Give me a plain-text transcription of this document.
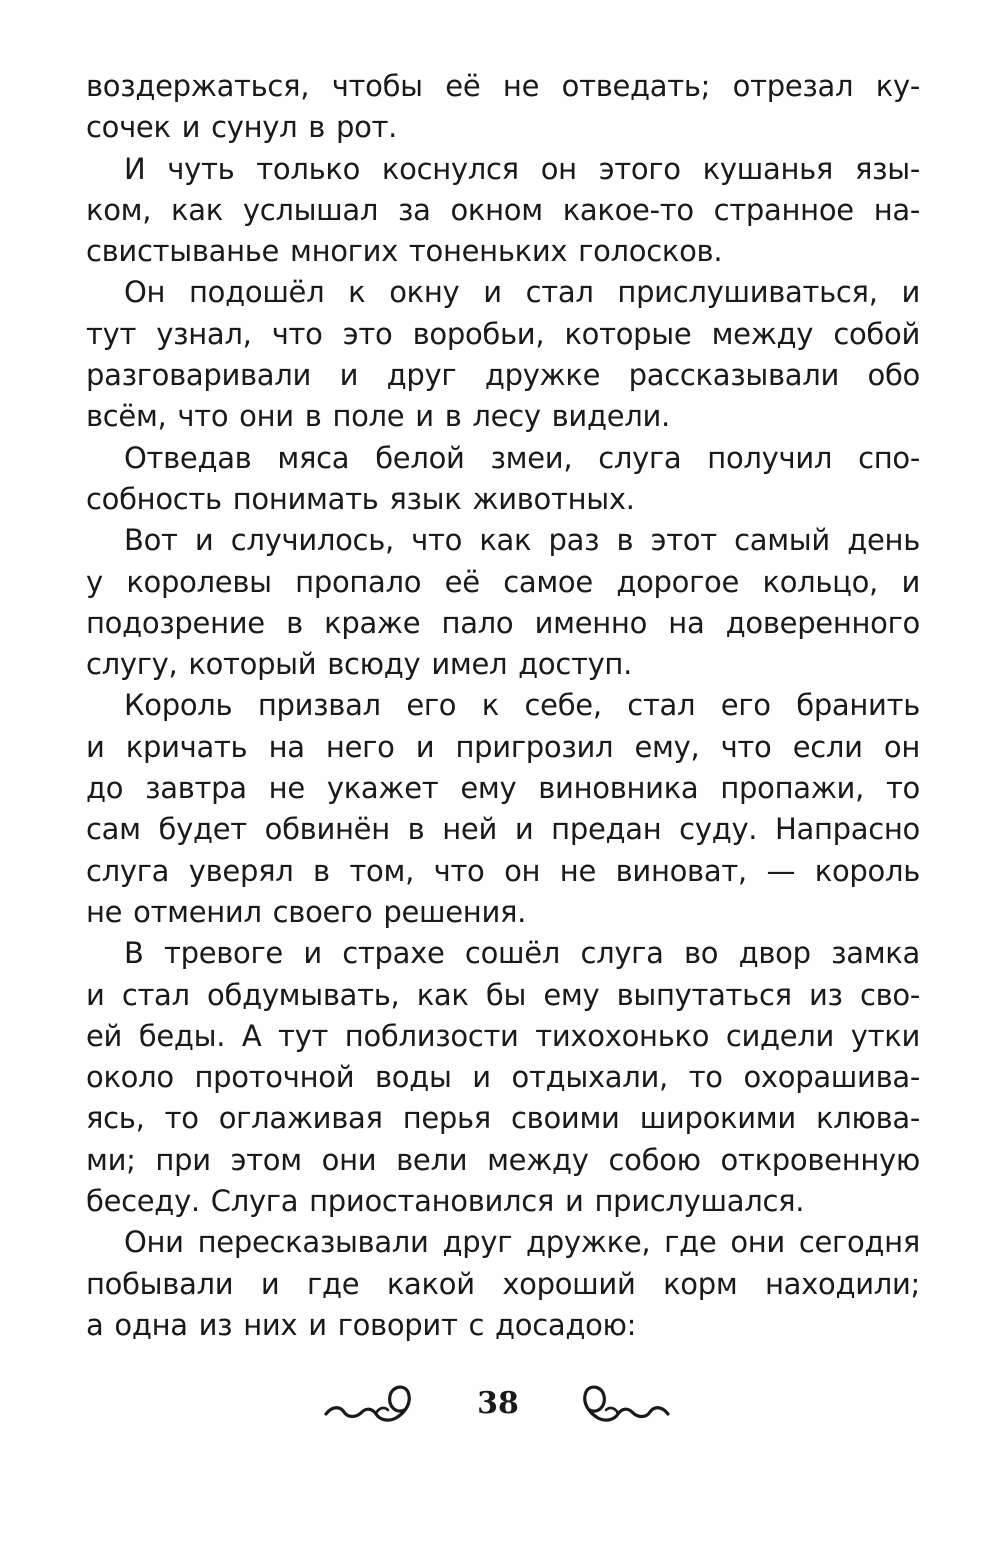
воздержаться, чтобы её не отведать; отрезал ку-
сочек и сунул в рот.
И чуть только коснулся он этого кушанья язы-
ком, как услышал за окном какое-то странное на-
свистыванье многих тоненьких голосков.
Он подошёл к окну и стал прислушиваться, и
тут узнал, что это воробьи, которые между собой
разговаривали и друг дружке рассказывали обо
всём, что они в поле и в лесу видели.
Отведав мяса белой змеи, слуга получил спо-
собность понимать язык животных.
Вот и случилось, что как раз в этот самый день
у королевы пропало её самое дорогое кольцо, и
подозрение в краже пало именно на доверенного
слугу, который всюду имел доступ.
Король призвал его к себе, стал его бранить
и кричать на него и пригрозил ему, что если он
до завтра не укажет ему виновника пропажи, то
сам будет обвинён в ней и предан суду. Напрасно
слуга уверял в том, что он не виноват, — король
не отменил своего решения.
В тревоге и страхе сошёл слуга во двор замка
и стал обдумывать, как бы ему выпутаться из сво-
ей беды. А тут поблизости тихохонько сидели утки
около проточной воды и отдыхали, то охорашива-
ясь, то оглаживая перья своими широкими клюва-
ми; при этом они вели между собою откровенную
беседу. Слуга приостановился и прислушался.
Они пересказывали друг дружке, где они сегодня
побывали и где какой хороший корм находили;
а одна из них и говорит с досадою:
38
